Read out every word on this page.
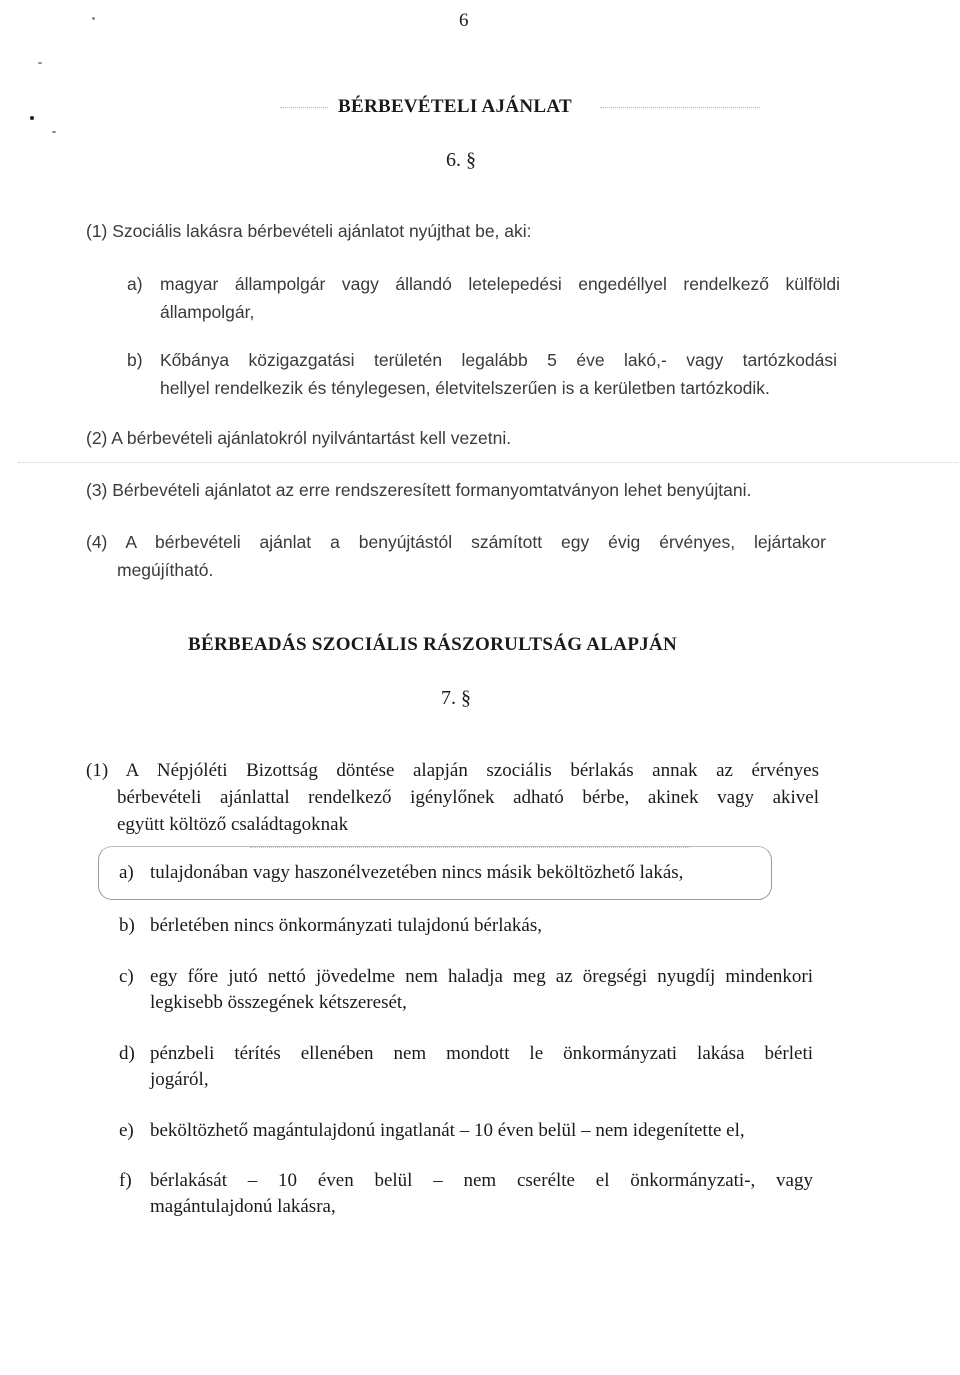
6
BÉRBEVÉTELI AJÁNLAT
6. §
(1) Szociális lakásra bérbevételi ajánlatot nyújthat be, aki:
a) magyar állampolgár vagy állandó letelepedési engedéllyel rendelkező külföldi
állampolgár,
b) Kőbánya közigazgatási területén legalább 5 éve lakó,- vagy tartózkodási
hellyel rendelkezik és ténylegesen, életvitelszerűen is a kerületben tartózkodik.
(2) A bérbevételi ajánlatokról nyilvántartást kell vezetni.
(3) Bérbevételi ajánlatot az erre rendszeresített formanyomtatványon lehet benyújtani.
(4) A bérbevételi ajánlat a benyújtástól számított egy évig érvényes, lejártakor
megújítható.
BÉRBEADÁS SZOCIÁLIS RÁSZORULTSÁG ALAPJÁN
7. §
(1) A Népjóléti Bizottság döntése alapján szociális bérlakás annak az érvényes
bérbevételi ajánlattal rendelkező igénylőnek adható bérbe, akinek vagy akivel
együtt költöző családtagoknak
a) tulajdonában vagy haszonélvezetében nincs másik beköltözhető lakás,
b) bérletében nincs önkormányzati tulajdonú bérlakás,
c) egy főre jutó nettó jövedelme nem haladja meg az öregségi nyugdíj mindenkori
legkisebb összegének kétszeresét,
d) pénzbeli térítés ellenében nem mondott le önkormányzati lakása bérleti
jogáról,
e) beköltözhető magántulajdonú ingatlanát – 10 éven belül – nem idegenítette el,
f) bérlakását – 10 éven belül – nem cserélte el önkormányzati-, vagy
magántulajdonú lakásra,
